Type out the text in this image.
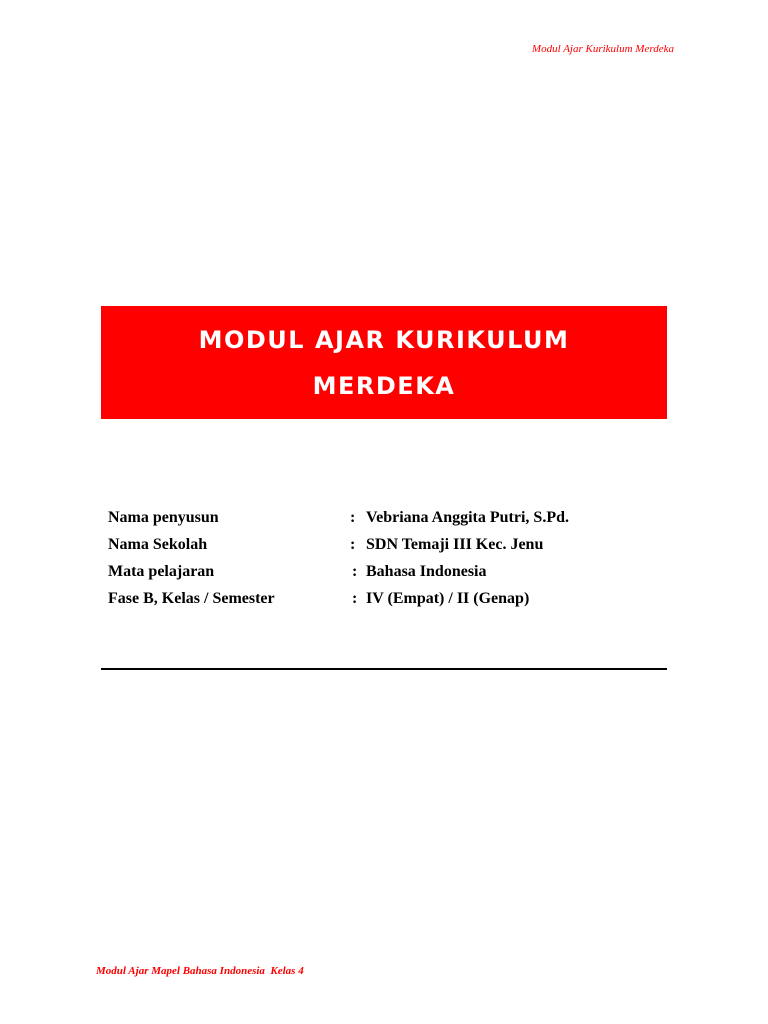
Modul Ajar Kurikulum Merdeka
MODUL AJAR KURIKULUM
MERDEKA
Nama penyusun	: Vebriana Anggita Putri, S.Pd.
Nama Sekolah	: SDN Temaji III Kec. Jenu
Mata pelajaran	: Bahasa Indonesia
Fase B, Kelas / Semester	: IV (Empat) / II (Genap)
Modul Ajar Mapel Bahasa Indonesia  Kelas 4
